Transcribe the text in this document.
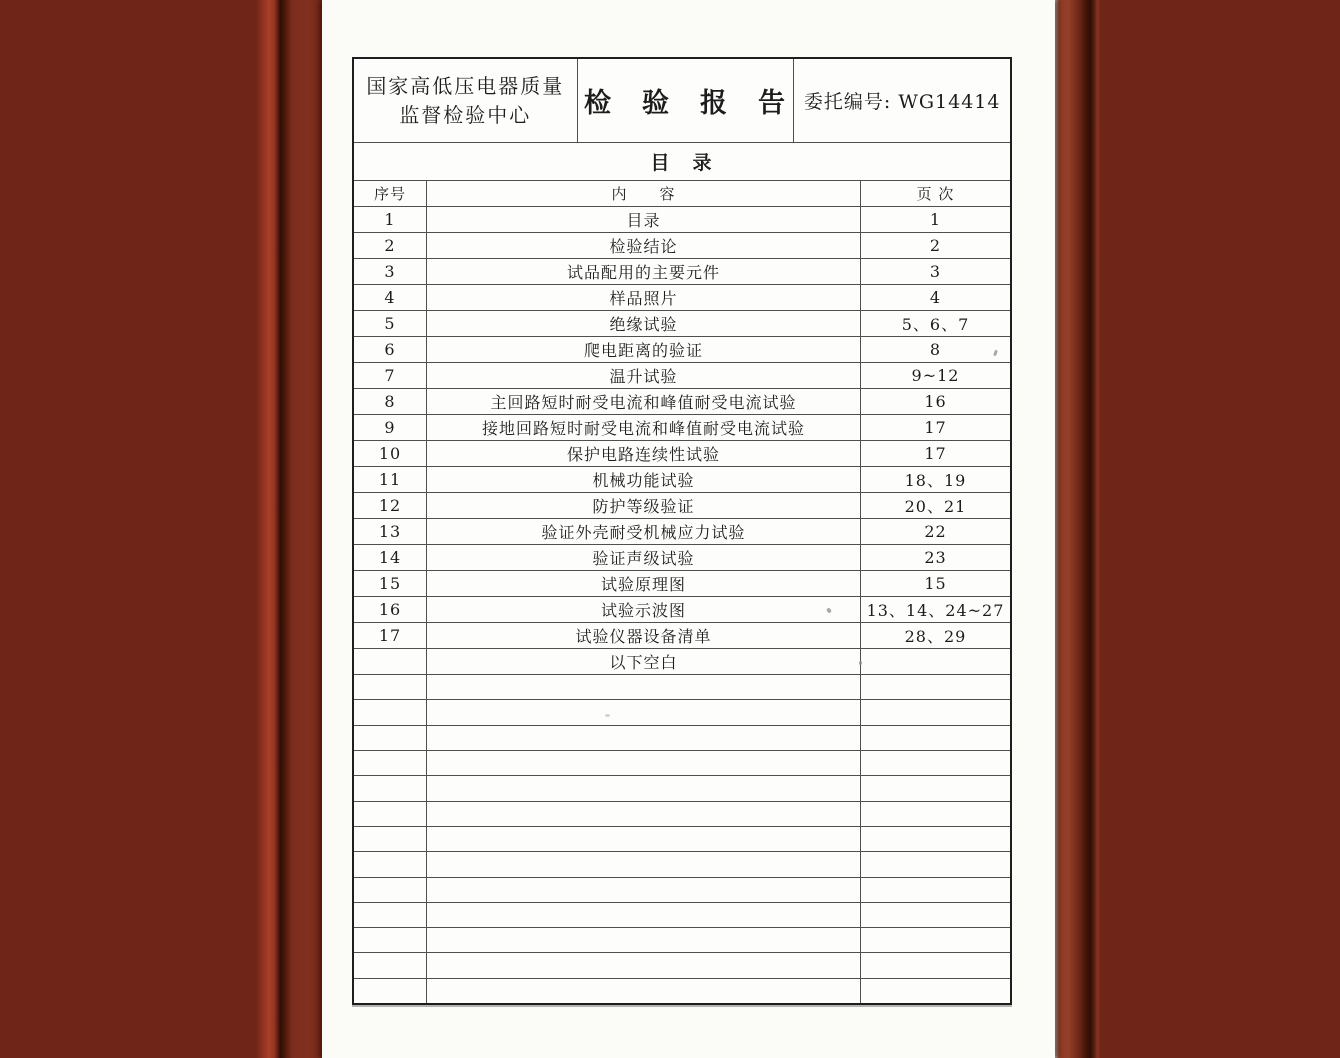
国家高低压电器质量
监督检验中心 检　验　报　告 委托编号: WG14414
目　录
序号	内　　容	页 次
1	目录	1
2	检验结论	2
3	试品配用的主要元件	3
4	样品照片	4
5	绝缘试验	5、6、7
6	爬电距离的验证	8
7	温升试验	9~12
8	主回路短时耐受电流和峰值耐受电流试验	16
9	接地回路短时耐受电流和峰值耐受电流试验	17
10	保护电路连续性试验	17
11	机械功能试验	18、19
12	防护等级验证	20、21
13	验证外壳耐受机械应力试验	22
14	验证声级试验	23
15	试验原理图	15
16	试验示波图	13、14、24~27
17	试验仪器设备清单	28、29
以下空白
